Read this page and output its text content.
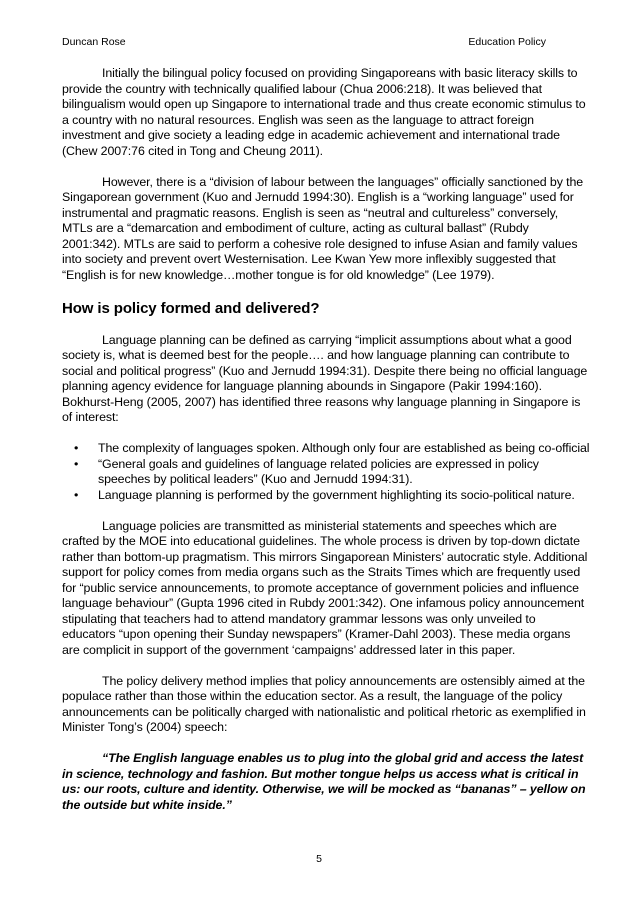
Duncan Rose	Education Policy

Initially the bilingual policy focused on providing Singaporeans with basic literacy skills to provide the country with technically qualified labour (Chua 2006:218). It was believed that bilingualism would open up Singapore to international trade and thus create economic stimulus to a country with no natural resources. English was seen as the language to attract foreign investment and give society a leading edge in academic achievement and international trade (Chew 2007:76 cited in Tong and Cheung 2011).

However, there is a “division of labour between the languages” officially sanctioned by the Singaporean government (Kuo and Jernudd 1994:30). English is a “working language” used for instrumental and pragmatic reasons. English is seen as “neutral and cultureless” conversely, MTLs are a “demarcation and embodiment of culture, acting as cultural ballast” (Rubdy 2001:342). MTLs are said to perform a cohesive role designed to infuse Asian and family values into society and prevent overt Westernisation. Lee Kwan Yew more inflexibly suggested that “English is for new knowledge…mother tongue is for old knowledge” (Lee 1979).

How is policy formed and delivered?

Language planning can be defined as carrying “implicit assumptions about what a good society is, what is deemed best for the people…. and how language planning can contribute to social and political progress” (Kuo and Jernudd 1994:31). Despite there being no official language planning agency evidence for language planning abounds in Singapore (Pakir 1994:160). Bokhurst-Heng (2005, 2007) has identified three reasons why language planning in Singapore is of interest:

• The complexity of languages spoken. Although only four are established as being co-official
• “General goals and guidelines of language related policies are expressed in policy speeches by political leaders” (Kuo and Jernudd 1994:31).
• Language planning is performed by the government highlighting its socio-political nature.

Language policies are transmitted as ministerial statements and speeches which are crafted by the MOE into educational guidelines. The whole process is driven by top-down dictate rather than bottom-up pragmatism. This mirrors Singaporean Ministers’ autocratic style. Additional support for policy comes from media organs such as the Straits Times which are frequently used for “public service announcements, to promote acceptance of government policies and influence language behaviour” (Gupta 1996 cited in Rubdy 2001:342). One infamous policy announcement stipulating that teachers had to attend mandatory grammar lessons was only unveiled to educators “upon opening their Sunday newspapers” (Kramer-Dahl 2003). These media organs are complicit in support of the government ‘campaigns’ addressed later in this paper.

The policy delivery method implies that policy announcements are ostensibly aimed at the populace rather than those within the education sector. As a result, the language of the policy announcements can be politically charged with nationalistic and political rhetoric as exemplified in Minister Tong’s (2004) speech:

“The English language enables us to plug into the global grid and access the latest in science, technology and fashion. But mother tongue helps us access what is critical in us: our roots, culture and identity. Otherwise, we will be mocked as “bananas” – yellow on the outside but white inside.”

5
